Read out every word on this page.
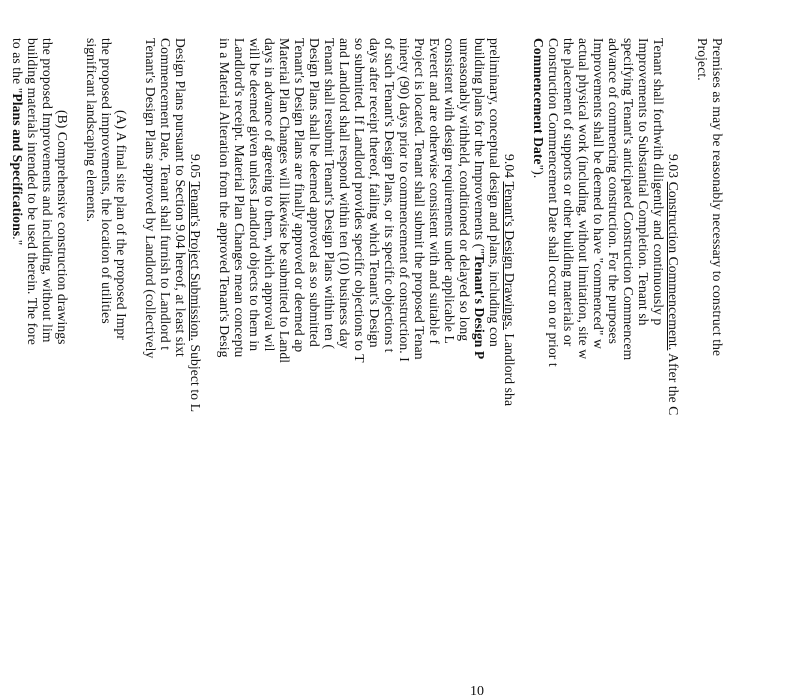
Premises as may be reasonably necessary to construct the
Project.
9.03 Construction Commencement. After the C
Tenant shall forthwith diligently and continuously p
Improvements to Substantial Completion. Tenant sh
specifying Tenant's anticipated Construction Commencem
advance of commencing construction. For the purposes
Improvements shall be deemed to have "commenced" w
actual physical work (including, without limitation, site w
the placement of supports or other building materials or
Construction Commencement Date shall occur on or prior t
Commencement Date").
9.04 Tenant's Design Drawings. Landlord sha
preliminary, conceptual design and plans, including con
building plans for the Improvements ("Tenant's Design P
unreasonably withheld, conditioned or delayed so long
consistent with design requirements under applicable L
Everett and are otherwise consistent with and suitable f
Project is located. Tenant shall submit the proposed Tenan
ninety (90) days prior to commencement of construction. I
of such Tenant's Design Plans, or its specific objections t
days after receipt thereof, failing which Tenant's Design
so submitted. If Landlord provides specific objections to T
and Landlord shall respond within ten (10) business day
Tenant shall resubmit Tenant's Design Plans within ten (
Design Plans shall be deemed approved as so submitted
Tenant's Design Plans are finally approved or deemed ap
Material Plan Changes will likewise be submitted to Landl
days in advance of agreeing to them, which approval wil
will be deemed given unless Landlord objects to them in
Landlord's receipt. Material Plan Changes mean conceptu
in a Material Alteration from the approved Tenant's Desig
9.05 Tenant's Project Submission. Subject to L
Design Plans pursuant to Section 9.04 hereof, at least sixt
Commencement Date, Tenant shall furnish to Landlord t
Tenant's Design Plans approved by Landlord (collectively
(A) A final site plan of the proposed Impr
the proposed improvements, the location of utilities
significant landscaping elements.
(B) Comprehensive construction drawings
the proposed Improvements and including, without lim
building materials intended to be used therein. The fore
to as the "Plans and Specifications."
10
